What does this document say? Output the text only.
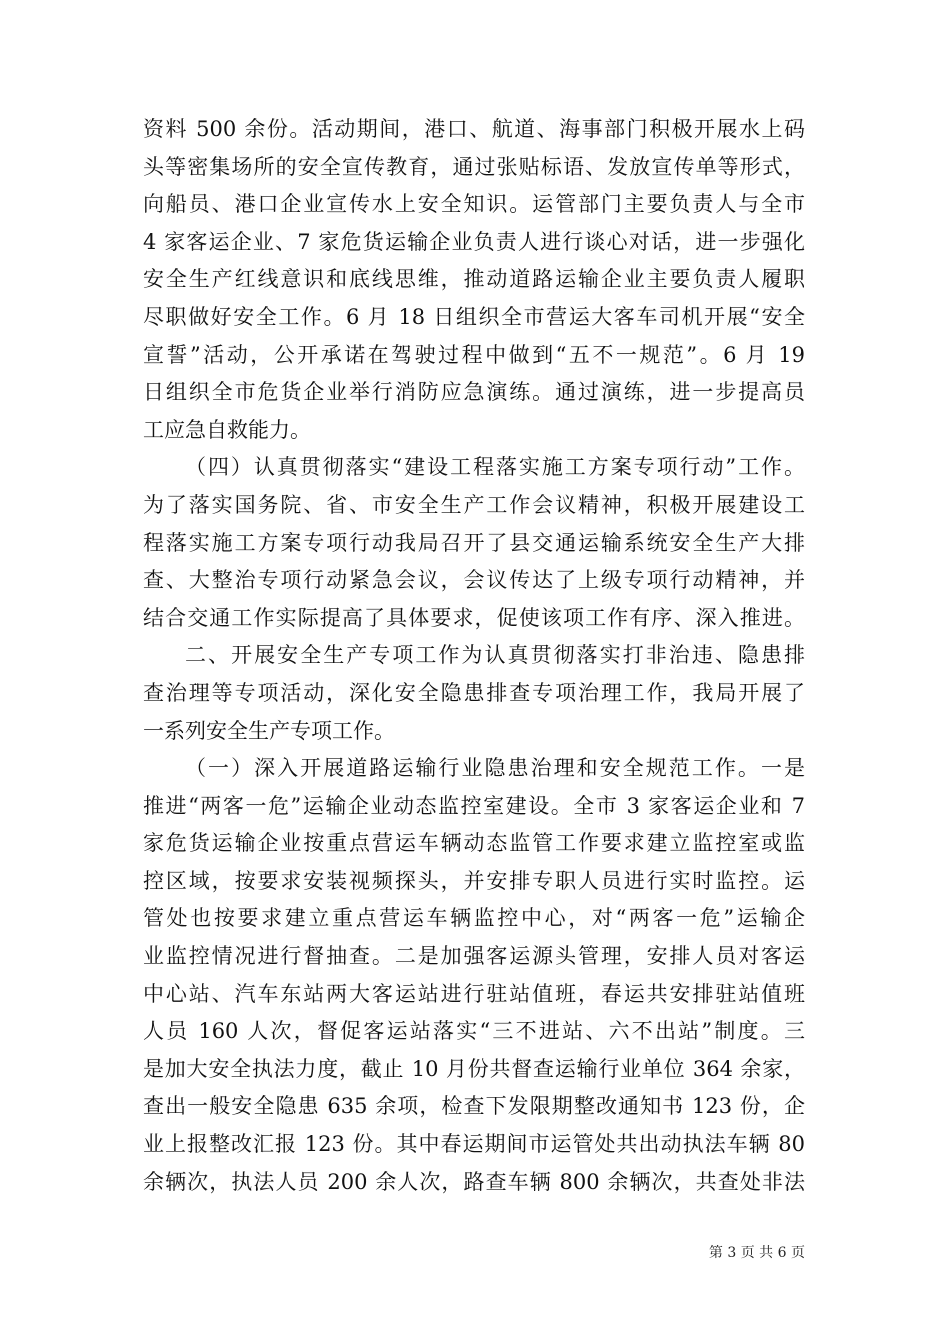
资料 500 余份。活动期间，港口、航道、海事部门积极开展水上码
头等密集场所的安全宣传教育，通过张贴标语、发放宣传单等形式，
向船员、港口企业宣传水上安全知识。运管部门主要负责人与全市
4 家客运企业、7 家危货运输企业负责人进行谈心对话，进一步强化
安全生产红线意识和底线思维，推动道路运输企业主要负责人履职
尽职做好安全工作。6 月 18 日组织全市营运大客车司机开展“安全
宣誓”活动，公开承诺在驾驶过程中做到“五不一规范”。6 月 19
日组织全市危货企业举行消防应急演练。通过演练，进一步提高员
工应急自救能力。
（四）认真贯彻落实“建设工程落实施工方案专项行动”工作。
为了落实国务院、省、市安全生产工作会议精神，积极开展建设工
程落实施工方案专项行动我局召开了县交通运输系统安全生产大排
查、大整治专项行动紧急会议，会议传达了上级专项行动精神，并
结合交通工作实际提高了具体要求，促使该项工作有序、深入推进。
二、开展安全生产专项工作为认真贯彻落实打非治违、隐患排
查治理等专项活动，深化安全隐患排查专项治理工作，我局开展了
一系列安全生产专项工作。
（一）深入开展道路运输行业隐患治理和安全规范工作。一是
推进“两客一危”运输企业动态监控室建设。全市 3 家客运企业和 7
家危货运输企业按重点营运车辆动态监管工作要求建立监控室或监
控区域，按要求安装视频探头，并安排专职人员进行实时监控。运
管处也按要求建立重点营运车辆监控中心，对“两客一危”运输企
业监控情况进行督抽查。二是加强客运源头管理，安排人员对客运
中心站、汽车东站两大客运站进行驻站值班，春运共安排驻站值班
人员 160 人次，督促客运站落实“三不进站、六不出站”制度。三
是加大安全执法力度，截止 10 月份共督查运输行业单位 364 余家，
查出一般安全隐患 635 余项，检查下发限期整改通知书 123 份，企
业上报整改汇报 123 份。其中春运期间市运管处共出动执法车辆 80
余辆次，执法人员 200 余人次，路查车辆 800 余辆次，共查处非法
第 3 页 共 6 页
